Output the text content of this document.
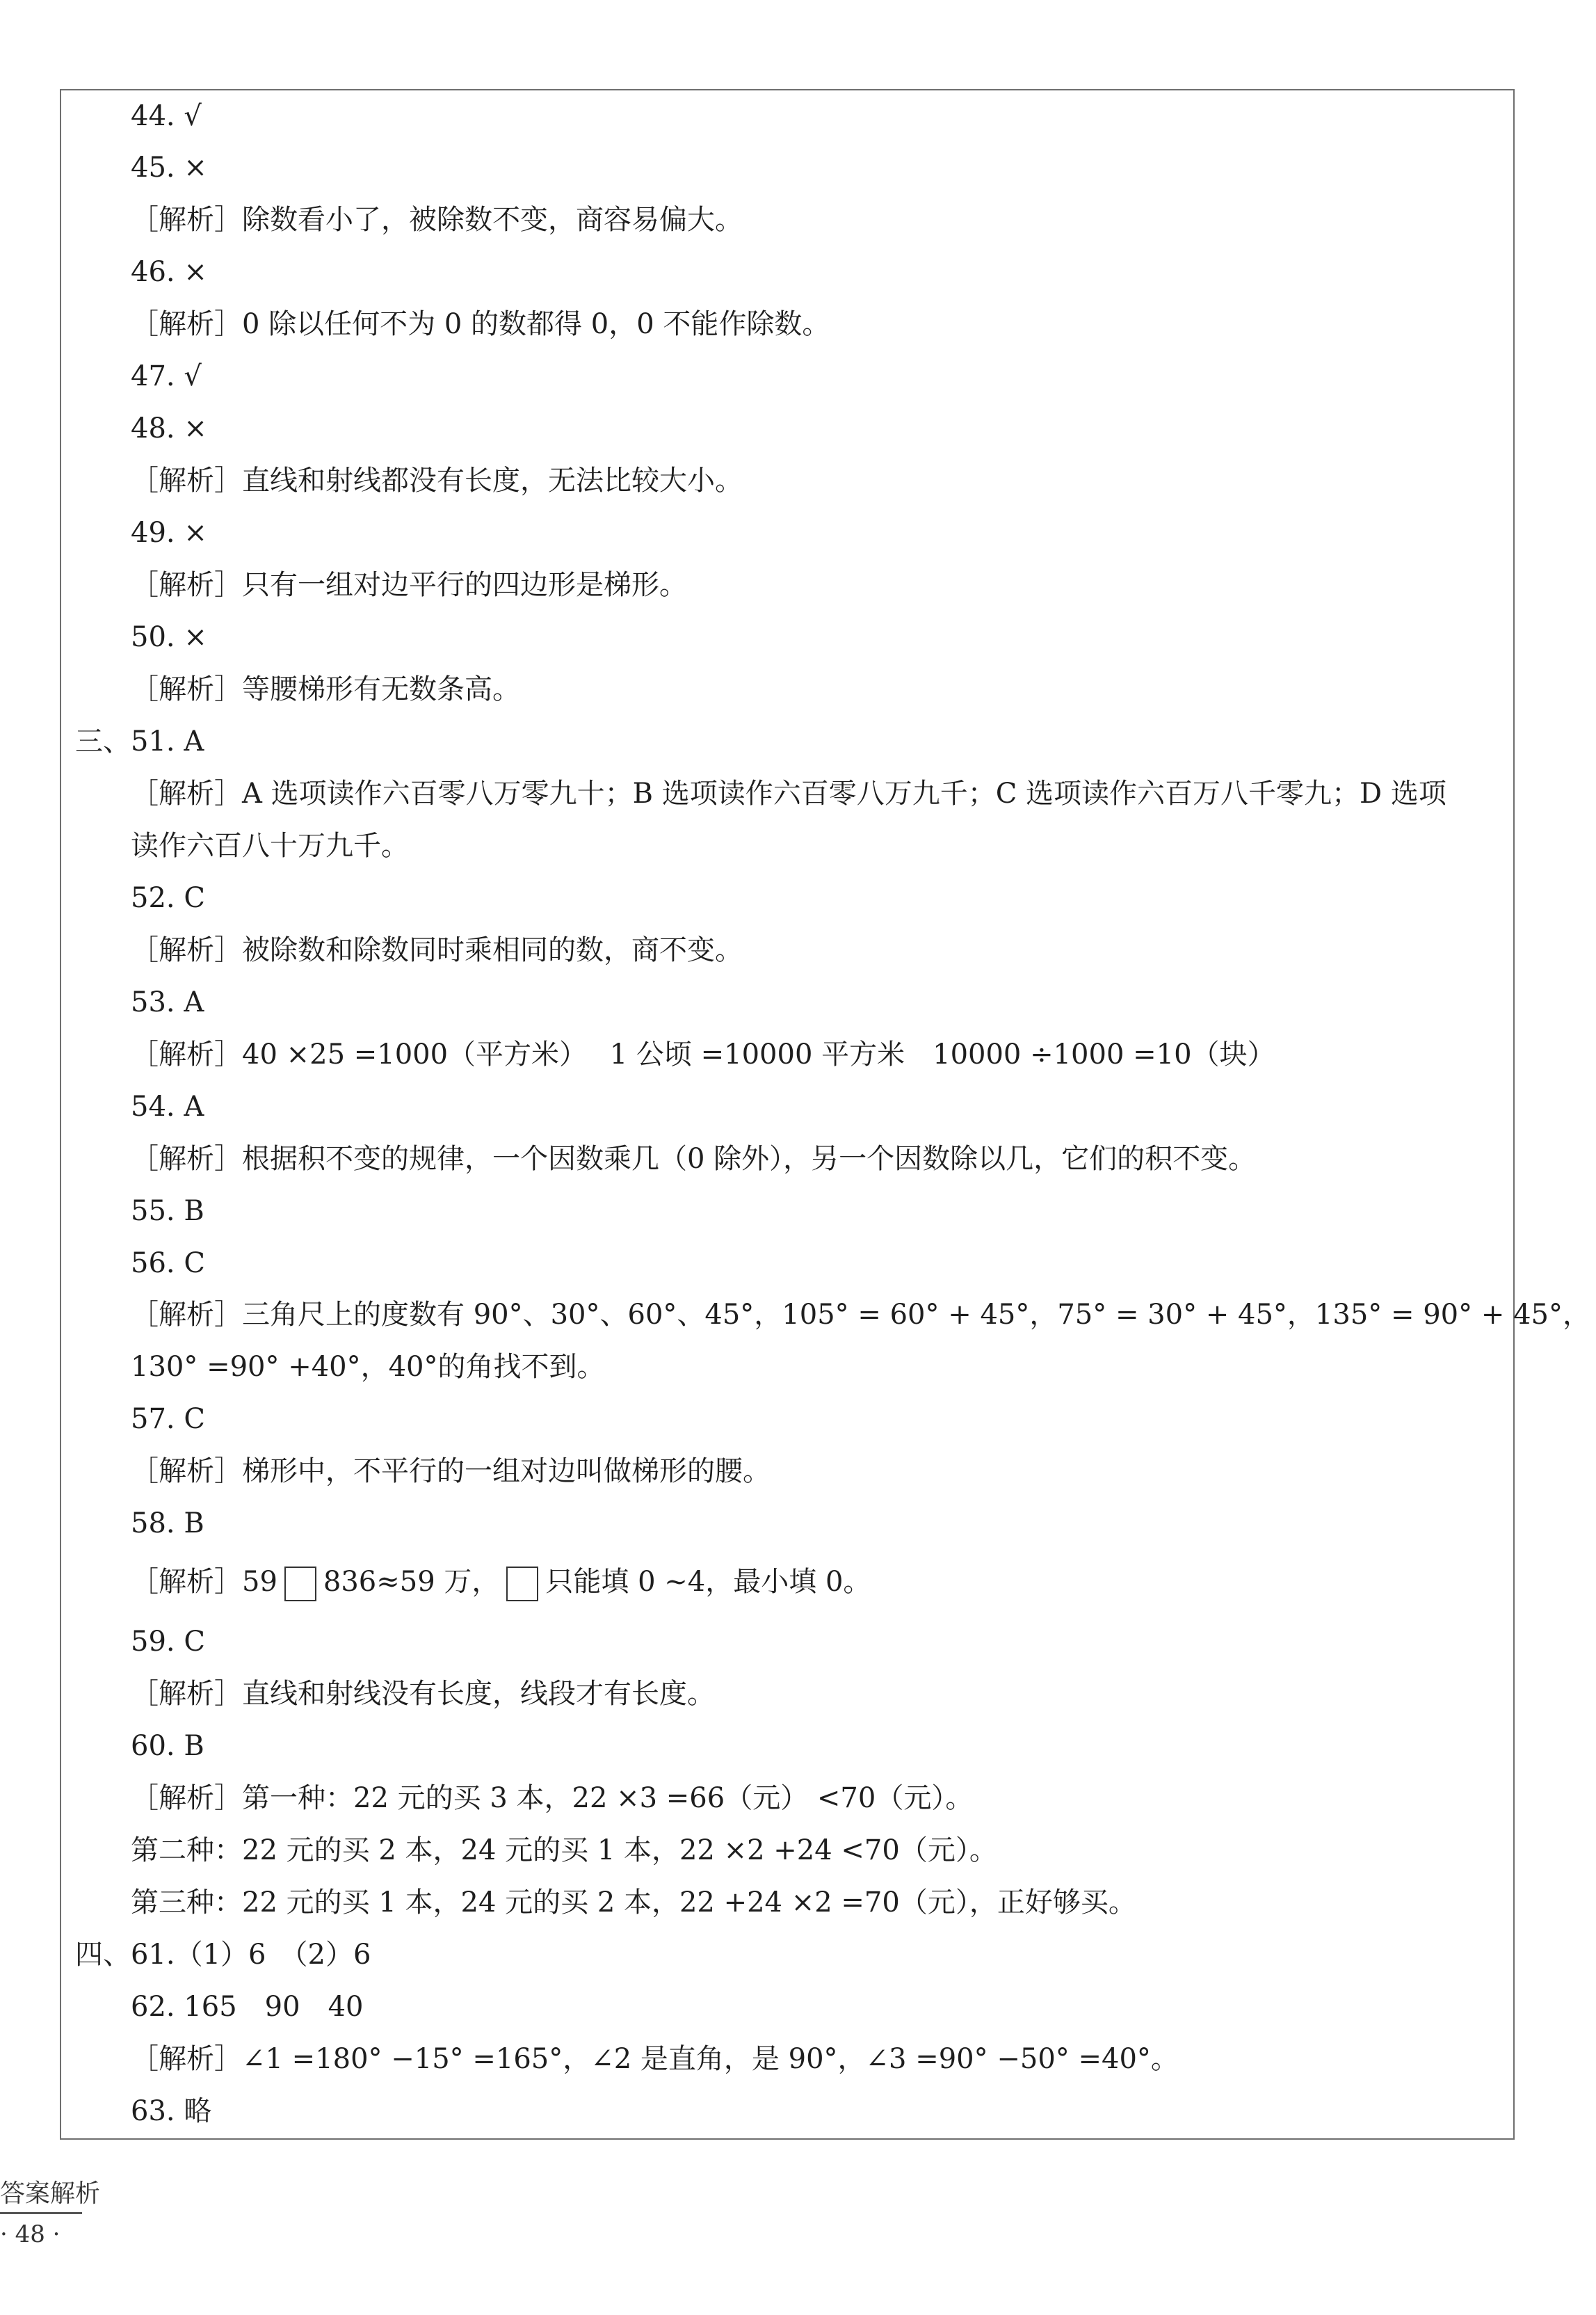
44. √
45. ×
［解析］除数看小了，被除数不变，商容易偏大。
46. ×
［解析］0 除以任何不为 0 的数都得 0，0 不能作除数。
47. √
48. ×
［解析］直线和射线都没有长度，无法比较大小。
49. ×
［解析］只有一组对边平行的四边形是梯形。
50. ×
［解析］等腰梯形有无数条高。
三、51. A
［解析］A 选项读作六百零八万零九十；B 选项读作六百零八万九千；C 选项读作六百万八千零九；D 选项
读作六百八十万九千。
52. C
［解析］被除数和除数同时乘相同的数，商不变。
53. A
［解析］40 ×25 =1000（平方米）　 1 公顷 =10000 平方米　10000 ÷1000 =10（块）
54. A
［解析］根据积不变的规律，一个因数乘几（0 除外），另一个因数除以几，它们的积不变。
55. B
56. C
［解析］三角尺上的度数有 90°、30°、60°、45°，105° = 60° + 45°，75° = 30° + 45°，135° = 90° + 45°，
130° =90° +40°，40°的角找不到。
57. C
［解析］梯形中，不平行的一组对边叫做梯形的腰。
58. B
［解析］59 836≈59 万， 只能填 0 ~4，最小填 0。
59. C
［解析］直线和射线没有长度，线段才有长度。
60. B
［解析］第一种：22 元的买 3 本，22 ×3 =66（元） <70（元）。
第二种：22 元的买 2 本，24 元的买 1 本，22 ×2 +24 <70（元）。
第三种：22 元的买 1 本，24 元的买 2 本，22 +24 ×2 =70（元），正好够买。
四、61.（1）6　（2）6
62. 165　90　40
［解析］∠1 =180° −15° =165°，∠2 是直角，是 90°，∠3 =90° −50° =40°。
63. 略
答案解析
· 48 ·
